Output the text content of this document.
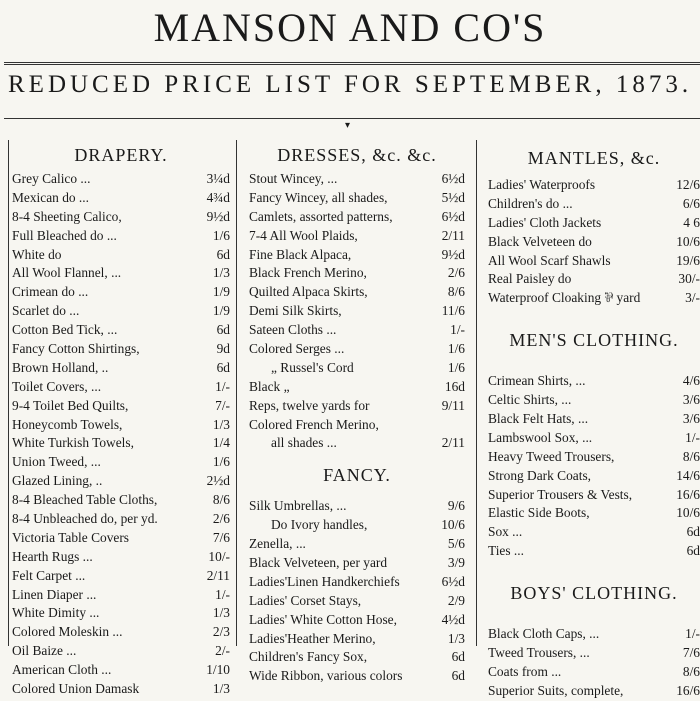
MANSON AND CO'S
REDUCED PRICE LIST FOR SEPTEMBER, 1873.
▾
DRAPERY.
Grey Calico ...	3¼d
Mexican do ...	4¾d
8-4 Sheeting Calico,	9½d
Full Bleached do ...	1/6
White do	6d
All Wool Flannel, ...	1/3
Crimean do ...	1/9
Scarlet do ...	1/9
Cotton Bed Tick, ...	6d
Fancy Cotton Shirtings,	9d
Brown Holland, ..	6d
Toilet Covers, ...	1/-
9-4 Toilet Bed Quilts,	7/-
Honeycomb Towels,	1/3
White Turkish Towels,	1/4
Union Tweed, ...	1/6
Glazed Lining, ..	2½d
8-4 Bleached Table Cloths,	8/6
8-4 Unbleached do, per yd.	2/6
Victoria Table Covers	7/6
Hearth Rugs ...	10/-
Felt Carpet ...	2/11
Linen Diaper ...	1/-
White Dimity ...	1/3
Colored Moleskin ...	2/3
Oil Baize ...	2/-
American Cloth ...	1/10
Colored Union Damask	1/3
DRESSES, &c. &c.
Stout Wincey, ...	6½d
Fancy Wincey, all shades,	5½d
Camlets, assorted patterns,	6½d
7-4 All Wool Plaids,	2/11
Fine Black Alpaca,	9½d
Black French Merino,	2/6
Quilted Alpaca Skirts,	8/6
Demi Silk Skirts,	11/6
Sateen Cloths ...	1/-
Colored Serges ...	1/6
„ Russel's Cord	1/6
Black „	16d
Reps, twelve yards for	9/11
Colored French Merino,
all shades ...	2/11
FANCY.
Silk Umbrellas, ...	9/6
Do Ivory handles,	10/6
Zenella, ...	5/6
Black Velveteen, per yard	3/9
Ladies'Linen Handkerchiefs	6½d
Ladies' Corset Stays,	2/9
Ladies' White Cotton Hose,	4½d
Ladies'Heather Merino,	1/3
Children's Fancy Sox,	6d
Wide Ribbon, various colors	6d
MANTLES, &c.
Ladies' Waterproofs	12/6
Children's do ...	6/6
Ladies' Cloth Jackets	4 6
Black Velveteen do	10/6
All Wool Scarf Shawls	19/6
Real Paisley do	30/-
Waterproof Cloaking ⅌ yard	3/-
MEN'S CLOTHING.
Crimean Shirts, ...	4/6
Celtic Shirts, ...	3/6
Black Felt Hats, ...	3/6
Lambswool Sox, ...	1/-
Heavy Tweed Trousers,	8/6
Strong Dark Coats,	14/6
Superior Trousers & Vests,	16/6
Elastic Side Boots,	10/6
Sox ...	6d
Ties ...	6d
BOYS' CLOTHING.
Black Cloth Caps, ...	1/-
Tweed Trousers, ...	7/6
Coats from ...	8/6
Superior Suits, complete,	16/6
